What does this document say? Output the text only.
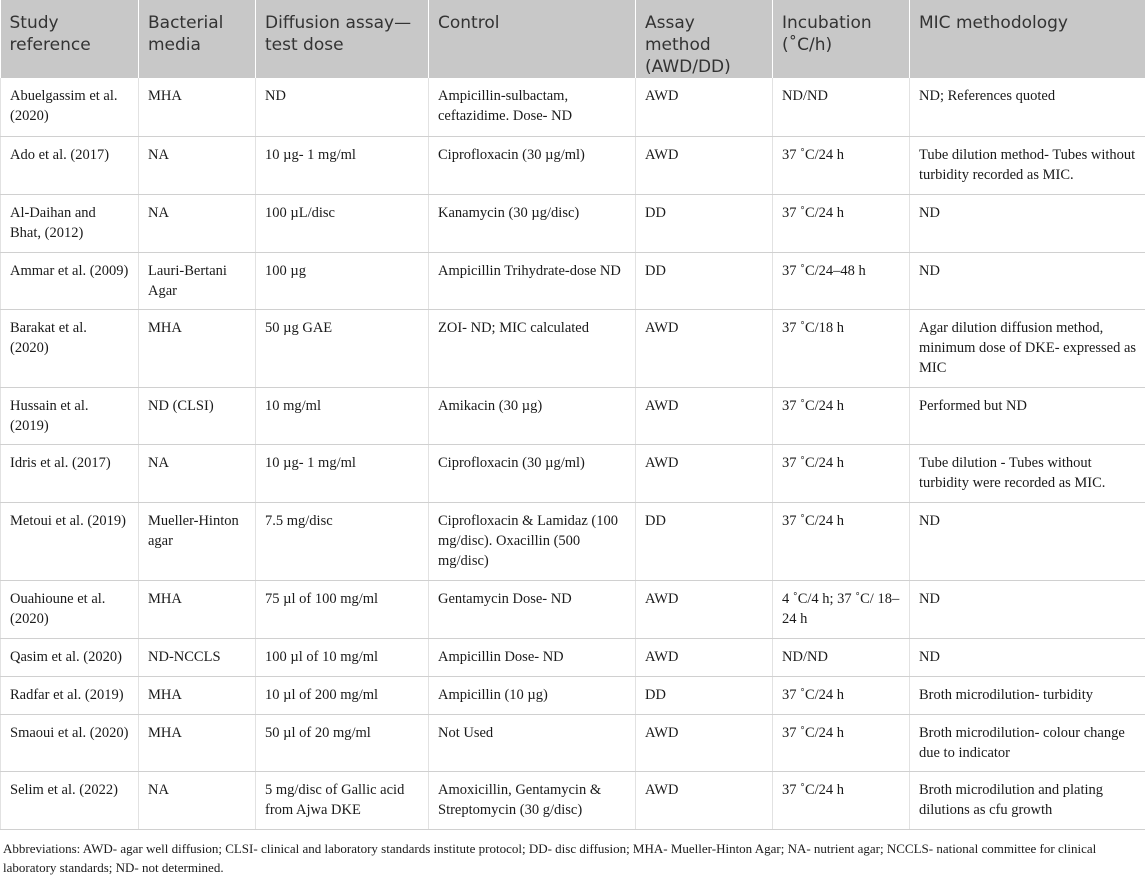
Study reference	Bacterial media	Diffusion assay—test dose	Control	Assay method (AWD/DD)	Incubation (˚C/h)	MIC methodology
Abuelgassim et al. (2020)	MHA	ND	Ampicillin-sulbactam, ceftazidime. Dose- ND	AWD	ND/ND	ND; References quoted
Ado et al. (2017)	NA	10 µg- 1 mg/ml	Ciprofloxacin (30 µg/ml)	AWD	37 ˚C/24 h	Tube dilution method- Tubes without turbidity recorded as MIC.
Al-Daihan and Bhat, (2012)	NA	100 µL/disc	Kanamycin (30 µg/disc)	DD	37 ˚C/24 h	ND
Ammar et al. (2009)	Lauri-Bertani Agar	100 µg	Ampicillin Trihydrate-dose ND	DD	37 ˚C/24–48 h	ND
Barakat et al. (2020)	MHA	50 µg GAE	ZOI- ND; MIC calculated	AWD	37 ˚C/18 h	Agar dilution diffusion method, minimum dose of DKE- expressed as MIC
Hussain et al. (2019)	ND (CLSI)	10 mg/ml	Amikacin (30 µg)	AWD	37 ˚C/24 h	Performed but ND
Idris et al. (2017)	NA	10 µg- 1 mg/ml	Ciprofloxacin (30 µg/ml)	AWD	37 ˚C/24 h	Tube dilution - Tubes without turbidity were recorded as MIC.
Metoui et al. (2019)	Mueller-Hinton agar	7.5 mg/disc	Ciprofloxacin & Lamidaz (100 mg/disc). Oxacillin (500 mg/disc)	DD	37 ˚C/24 h	ND
Ouahioune et al. (2020)	MHA	75 µl of 100 mg/ml	Gentamycin Dose- ND	AWD	4 ˚C/4 h; 37 ˚C/ 18–24 h	ND
Qasim et al. (2020)	ND-NCCLS	100 µl of 10 mg/ml	Ampicillin Dose- ND	AWD	ND/ND	ND
Radfar et al. (2019)	MHA	10 µl of 200 mg/ml	Ampicillin (10 µg)	DD	37 ˚C/24 h	Broth microdilution- turbidity
Smaoui et al. (2020)	MHA	50 µl of 20 mg/ml	Not Used	AWD	37 ˚C/24 h	Broth microdilution- colour change due to indicator
Selim et al. (2022)	NA	5 mg/disc of Gallic acid from Ajwa DKE	Amoxicillin, Gentamycin & Streptomycin (30 g/disc)	AWD	37 ˚C/24 h	Broth microdilution and plating dilutions as cfu growth
Abbreviations: AWD- agar well diffusion; CLSI- clinical and laboratory standards institute protocol; DD- disc diffusion; MHA- Mueller-Hinton Agar; NA- nutrient agar; NCCLS- national committee for clinical laboratory standards; ND- not determined.
